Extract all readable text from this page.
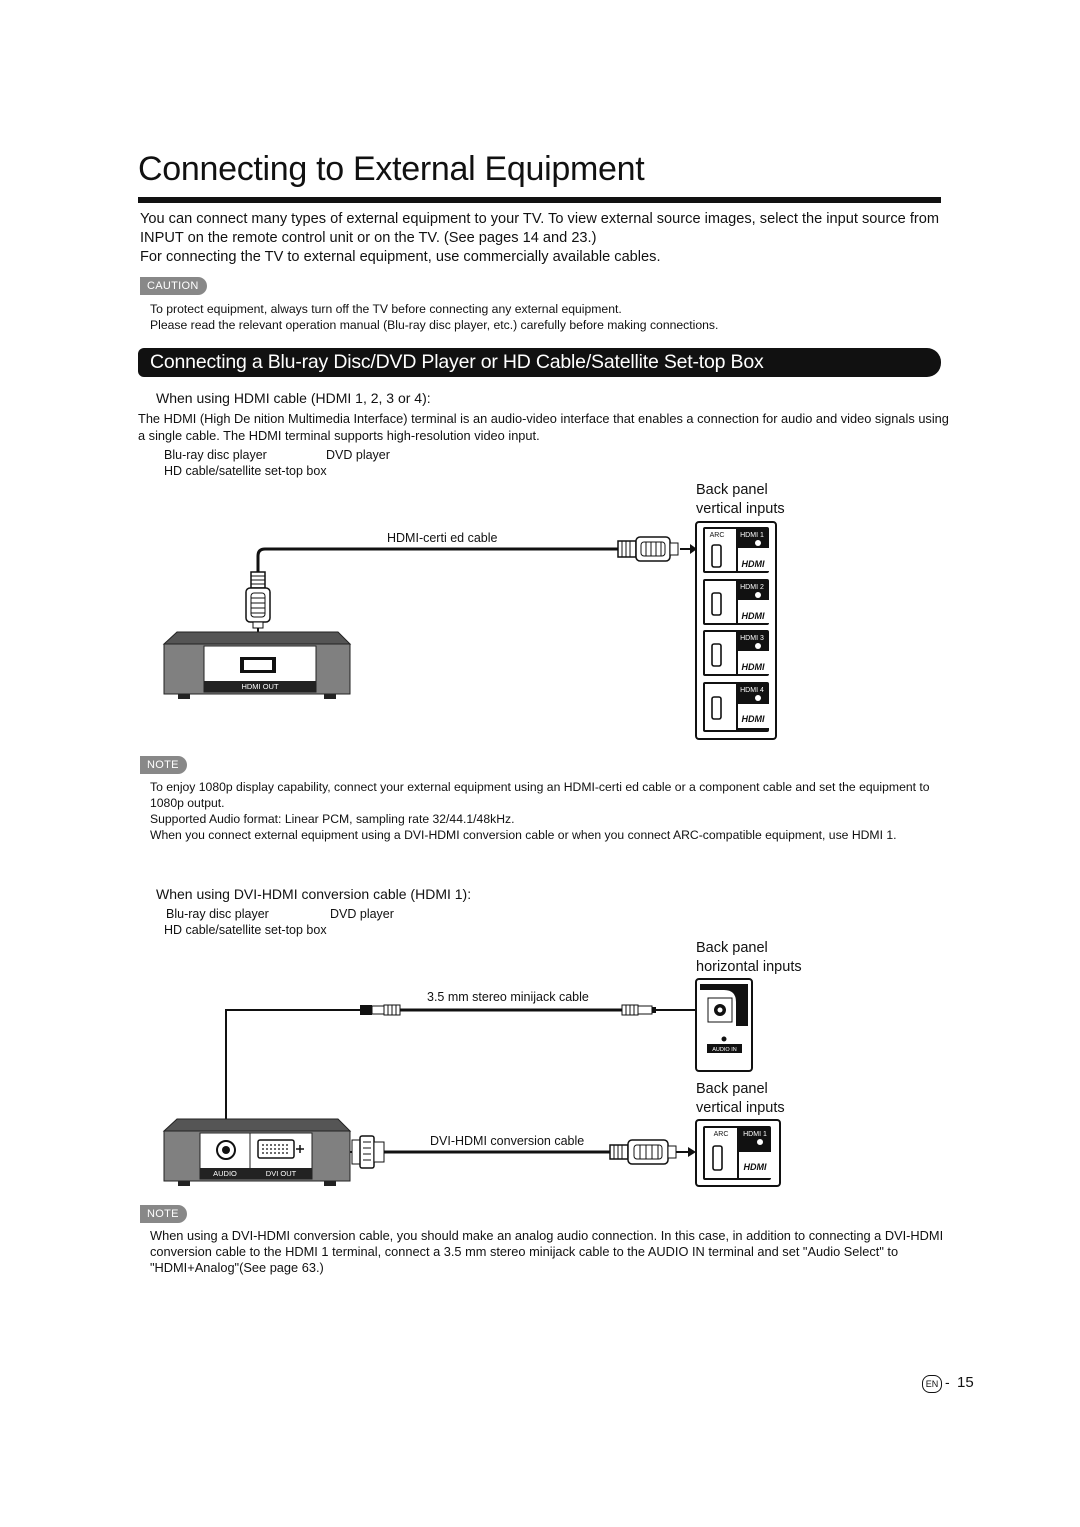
Connecting to External Equipment

You can connect many types of external equipment to your TV. To view external source images, select the input source from INPUT on the remote control unit or on the TV. (See pages 14 and 23.)

For connecting the TV to external equipment, use commercially available cables.

CAUTION
To protect equipment, always turn off the TV before connecting any external equipment.
Please read the relevant operation manual (Blu-ray disc player, etc.) carefully before making connections.
Connecting a Blu-ray Disc/DVD Player or HD Cable/Satellite Set-top Box
When using HDMI cable (HDMI 1, 2, 3 or 4):
The HDMI (High De nition Multimedia Interface) terminal is an audio-video interface that enables a connection for audio and video signals using a single cable. The HDMI terminal supports high-resolution video input.
Blu-ray disc player	DVD player
HD cable/satellite set-top box
Back panel
vertical inputs
HDMI-certi ed cable
HDMI OUT
ARC HDMI 1
HDMI
HDMI 2
HDMI
HDMI 3
HDMI
HDMI 4
HDMI
NOTE

To enjoy 1080p display capability, connect your external equipment using an HDMI-certi ed cable or a component cable and set the equipment to 1080p output.

Supported Audio format: Linear PCM, sampling rate 32/44.1/48kHz.

When you connect external equipment using a DVI-HDMI conversion cable or when you connect ARC-compatible equipment, use HDMI 1.

When using DVI-HDMI conversion cable (HDMI 1):
Blu-ray disc player	DVD player
HD cable/satellite set-top box
Back panel
horizontal inputs
3.5 mm stereo minijack cable
Back panel
vertical inputs
DVI-HDMI conversion cable
AUDIO IN
ARC HDMI 1
HDMI
AUDIO	DVI OUT
NOTE
When using a DVI-HDMI conversion cable, you should make an analog audio connection. In this case, in addition to connecting a DVI-HDMI conversion cable to the HDMI 1 terminal, connect a 3.5 mm stereo minijack cable to the AUDIO IN terminal and set "Audio Select" to "HDMI+Analog"(See page 63.)
EN - 15
